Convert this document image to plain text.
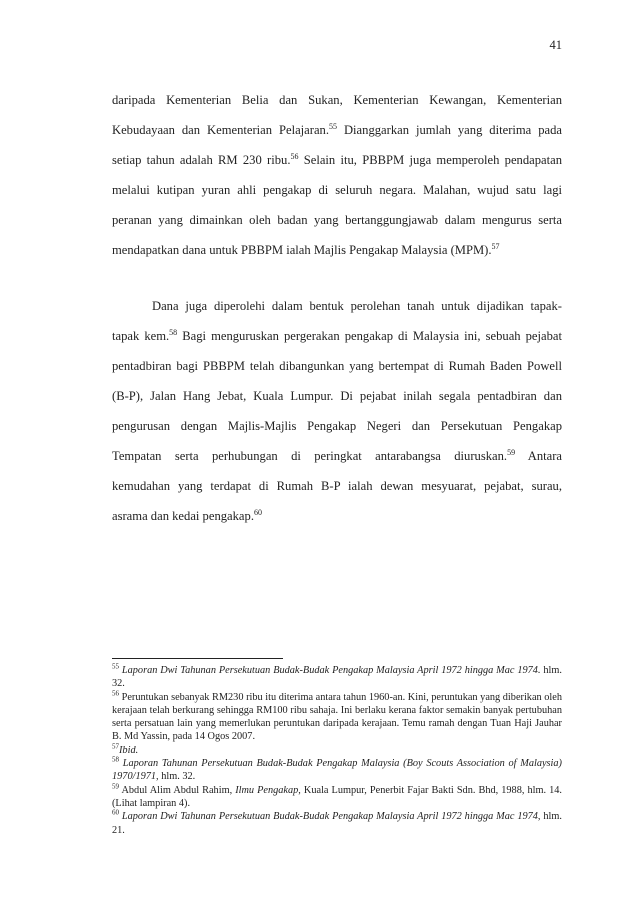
41
daripada Kementerian Belia dan Sukan, Kementerian Kewangan, Kementerian
Kebudayaan dan Kementerian Pelajaran.$^{55}$ Dianggarkan jumlah yang diterima pada
setiap tahun adalah RM 230 ribu.$^{56}$ Selain itu, PBBPM juga memperoleh pendapatan
melalui kutipan yuran ahli pengakap di seluruh negara. Malahan, wujud satu lagi
peranan yang dimainkan oleh badan yang bertanggungjawab dalam mengurus serta
mendapatkan dana untuk PBBPM ialah Majlis Pengakap Malaysia (MPM).$^{57}$
Dana juga diperolehi dalam bentuk perolehan tanah untuk dijadikan tapak-
tapak kem.$^{58}$ Bagi menguruskan pergerakan pengakap di Malaysia ini, sebuah pejabat
pentadbiran bagi PBBPM telah dibangunkan yang bertempat di Rumah Baden Powell
(B-P), Jalan Hang Jebat, Kuala Lumpur. Di pejabat inilah segala pentadbiran dan
pengurusan dengan Majlis-Majlis Pengakap Negeri dan Persekutuan Pengakap
Tempatan serta perhubungan di peringkat antarabangsa diuruskan.$^{59}$ Antara
kemudahan yang terdapat di Rumah B-P ialah dewan mesyuarat, pejabat, surau,
asrama dan kedai pengakap.$^{60}$

$^{55}$ Laporan Dwi Tahunan Persekutuan Budak-Budak Pengakap Malaysia April 1972 hingga Mac 1974. hlm. 32.

$^{56}$ Peruntukan sebanyak RM230 ribu itu diterima antara tahun 1960-an. Kini, peruntukan yang diberikan oleh kerajaan telah berkurang sehingga RM100 ribu sahaja. Ini berlaku kerana faktor semakin banyak pertubuhan serta persatuan lain yang memerlukan peruntukan daripada kerajaan. Temu ramah dengan Tuan Haji Jauhar B. Md Yassin, pada 14 Ogos 2007.

$^{57}$Ibid.

$^{58}$ Laporan Tahunan Persekutuan Budak-Budak Pengakap Malaysia (Boy Scouts Association of Malaysia) 1970/1971, hlm. 32.

$^{59}$ Abdul Alim Abdul Rahim, Ilmu Pengakap, Kuala Lumpur, Penerbit Fajar Bakti Sdn. Bhd, 1988, hlm. 14. (Lihat lampiran 4).

$^{60}$ Laporan Dwi Tahunan Persekutuan Budak-Budak Pengakap Malaysia April 1972 hingga Mac 1974, hlm. 21.
